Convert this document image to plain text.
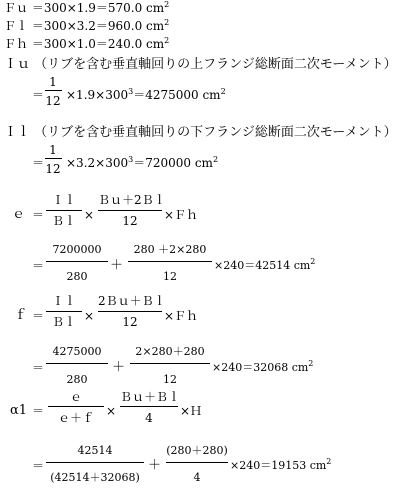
Ｆｕ ＝300×1.9＝570.0 $cm^2$
Ｆｌ ＝300×3.2＝960.0 $cm^2$
Ｆｈ ＝300×1.0＝240.0 $cm^2$
Ｉｕ （リブを含む垂直軸回りの上フランジ総断面二次モーメント）
＝
1
$12 \times 1.9\times 300^3=4275000$ $cm^2$
Ｉｌ （リブを含む垂直軸回りの下フランジ総断面二次モーメント）
＝
1
$12 \times 3.2\times 300^3=720000$ $cm^2$
ｅ ＝
Ｉｌ
Ｂｌ ×
Ｂｕ＋2Ｂｌ
12	×Ｆｈ
＝
7200000
280
＋
280 ＋2×280
12
×240＝42514 $cm^2$
ｆ ＝
Ｉｌ
Ｂｌ ×
2Ｂｕ＋Ｂｌ
12	×Ｆｈ
＝
4275000
280
＋
2×280＋280
12
×240＝32068 $cm^2$
α1 ＝
ｅ
ｅ＋ｆ	×
Ｂｕ＋Ｂｌ
4	×Ｈ
＝
42514
(42514＋32068)
＋
(280＋280)
4
×240＝19153 $cm^2$
